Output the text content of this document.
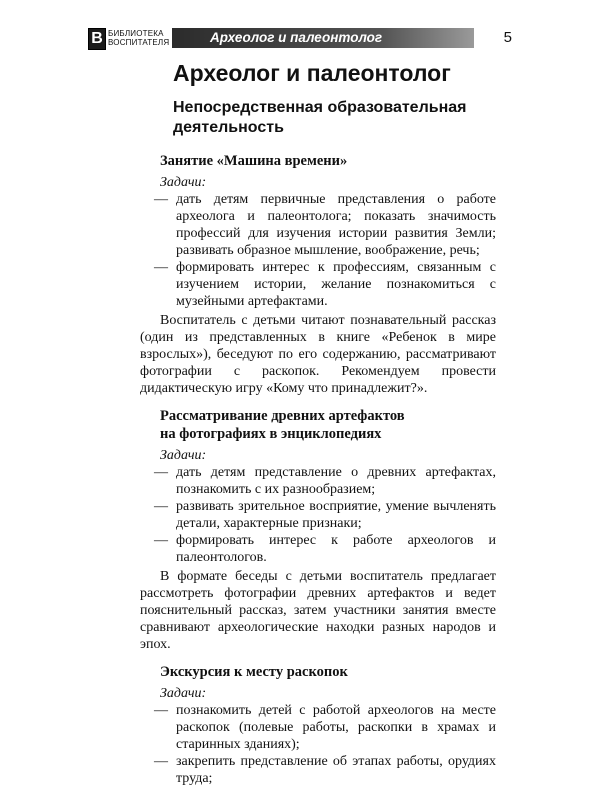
В БИБЛИОТЕКА
ВОСПИТАТЕЛЯ	Археолог и палеонтолог	5
Археолог и палеонтолог
Непосредственная образовательная деятельность
Занятие «Машина времени»
Задачи:
— дать детям первичные представления о работе археолога и палеонтолога; показать значимость профессий для изучения истории развития Земли; развивать образное мышление, воображение, речь;
— формировать интерес к профессиям, связанным с изучением истории, желание познакомиться с музейными артефактами.

Воспитатель с детьми читают познавательный рассказ (один из представленных в книге «Ребенок в мире взрослых»), беседуют по его содержанию, рассматривают фотографии с раскопок. Рекомендуем провести дидактическую игру «Кому что принадлежит?».

Рассматривание древних артефактов
на фотографиях в энциклопедиях
Задачи:
— дать детям представление о древних артефактах, познакомить с их разнообразием;
— развивать зрительное восприятие, умение вычленять детали, характерные признаки;
— формировать интерес к работе археологов и палеонтологов.

В формате беседы с детьми воспитатель предлагает рассмотреть фотографии древних артефактов и ведет пояснительный рассказ, затем участники занятия вместе сравнивают археологические находки разных народов и эпох.

Экскурсия к месту раскопок
Задачи:
— познакомить детей с работой археологов на месте раскопок (полевые работы, раскопки в храмах и старинных зданиях);
— закрепить представление об этапах работы, орудиях труда;
